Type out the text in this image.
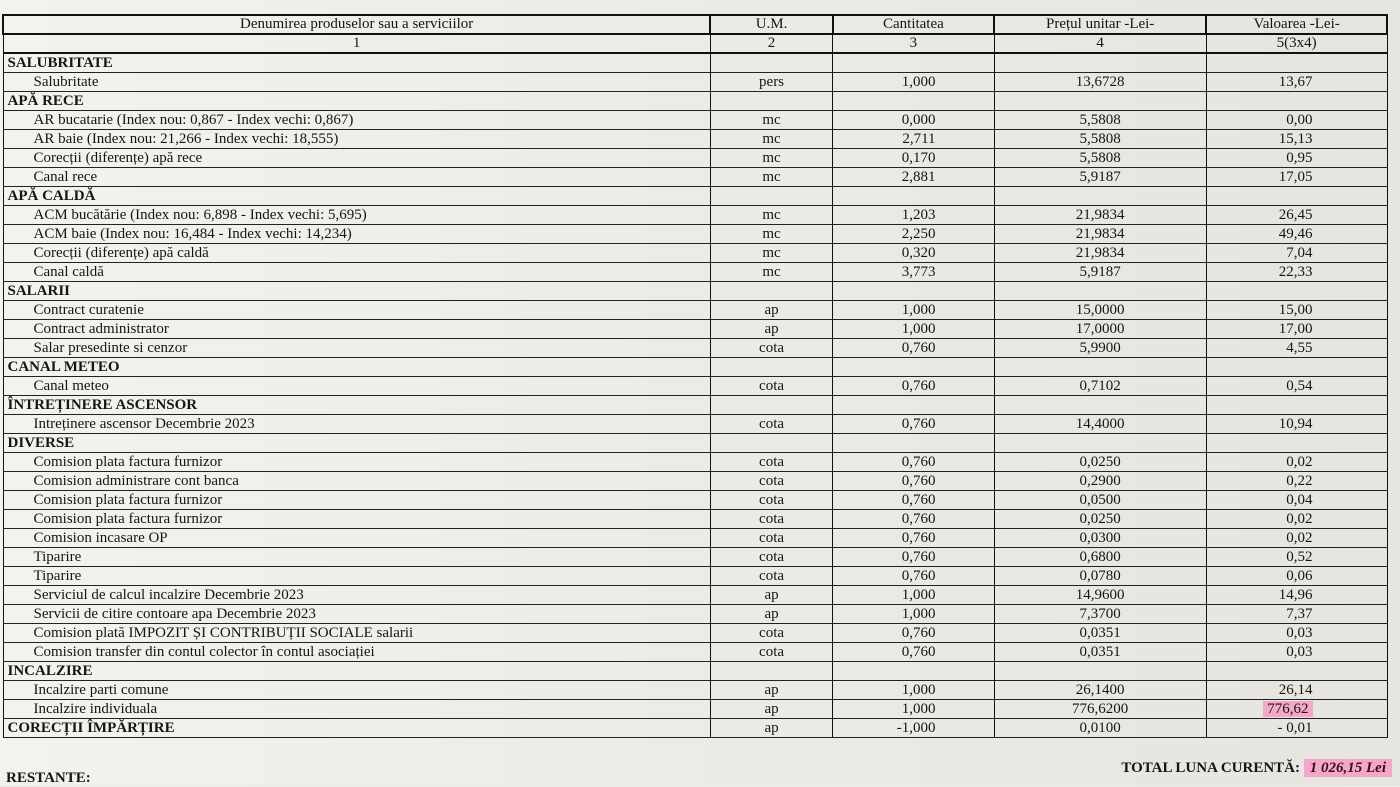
Denumirea produselor sau a serviciilor	U.M.	Cantitatea	Prețul unitar -Lei-	Valoarea -Lei-
1	2	3	4	5(3x4)
SALUBRITATE				
Salubritate	pers	1,000	13,6728	13,67
APĂ RECE				
AR bucatarie (Index nou: 0,867 - Index vechi: 0,867)	mc	0,000	5,5808	0,00
AR baie (Index nou: 21,266 - Index vechi: 18,555)	mc	2,711	5,5808	15,13
Corecții (diferențe) apă rece	mc	0,170	5,5808	0,95
Canal rece	mc	2,881	5,9187	17,05
APĂ CALDĂ				
ACM bucătărie (Index nou: 6,898 - Index vechi: 5,695)	mc	1,203	21,9834	26,45
ACM baie (Index nou: 16,484 - Index vechi: 14,234)	mc	2,250	21,9834	49,46
Corecții (diferențe) apă caldă	mc	0,320	21,9834	7,04
Canal caldă	mc	3,773	5,9187	22,33
SALARII				
Contract curatenie	ap	1,000	15,0000	15,00
Contract administrator	ap	1,000	17,0000	17,00
Salar presedinte si cenzor	cota	0,760	5,9900	4,55
CANAL METEO				
Canal meteo	cota	0,760	0,7102	0,54
ÎNTREȚINERE ASCENSOR				
Intreținere ascensor Decembrie 2023	cota	0,760	14,4000	10,94
DIVERSE				
Comision plata factura furnizor	cota	0,760	0,0250	0,02
Comision administrare cont banca	cota	0,760	0,2900	0,22
Comision plata factura furnizor	cota	0,760	0,0500	0,04
Comision plata factura furnizor	cota	0,760	0,0250	0,02
Comision incasare OP	cota	0,760	0,0300	0,02
Tiparire	cota	0,760	0,6800	0,52
Tiparire	cota	0,760	0,0780	0,06
Serviciul de calcul incalzire Decembrie 2023	ap	1,000	14,9600	14,96
Servicii de citire contoare apa Decembrie 2023	ap	1,000	7,3700	7,37
Comision plată IMPOZIT ȘI CONTRIBUȚII SOCIALE salarii	cota	0,760	0,0351	0,03
Comision transfer din contul colector în contul asociației	cota	0,760	0,0351	0,03
INCALZIRE				
Incalzire parti comune	ap	1,000	26,1400	26,14
Incalzire individuala	ap	1,000	776,6200	776,62
CORECȚII ÎMPĂRȚIRE	ap	-1,000	0,0100	- 0,01
RESTANTE:
TOTAL LUNA CURENTĂ: 1 026,15 Lei
